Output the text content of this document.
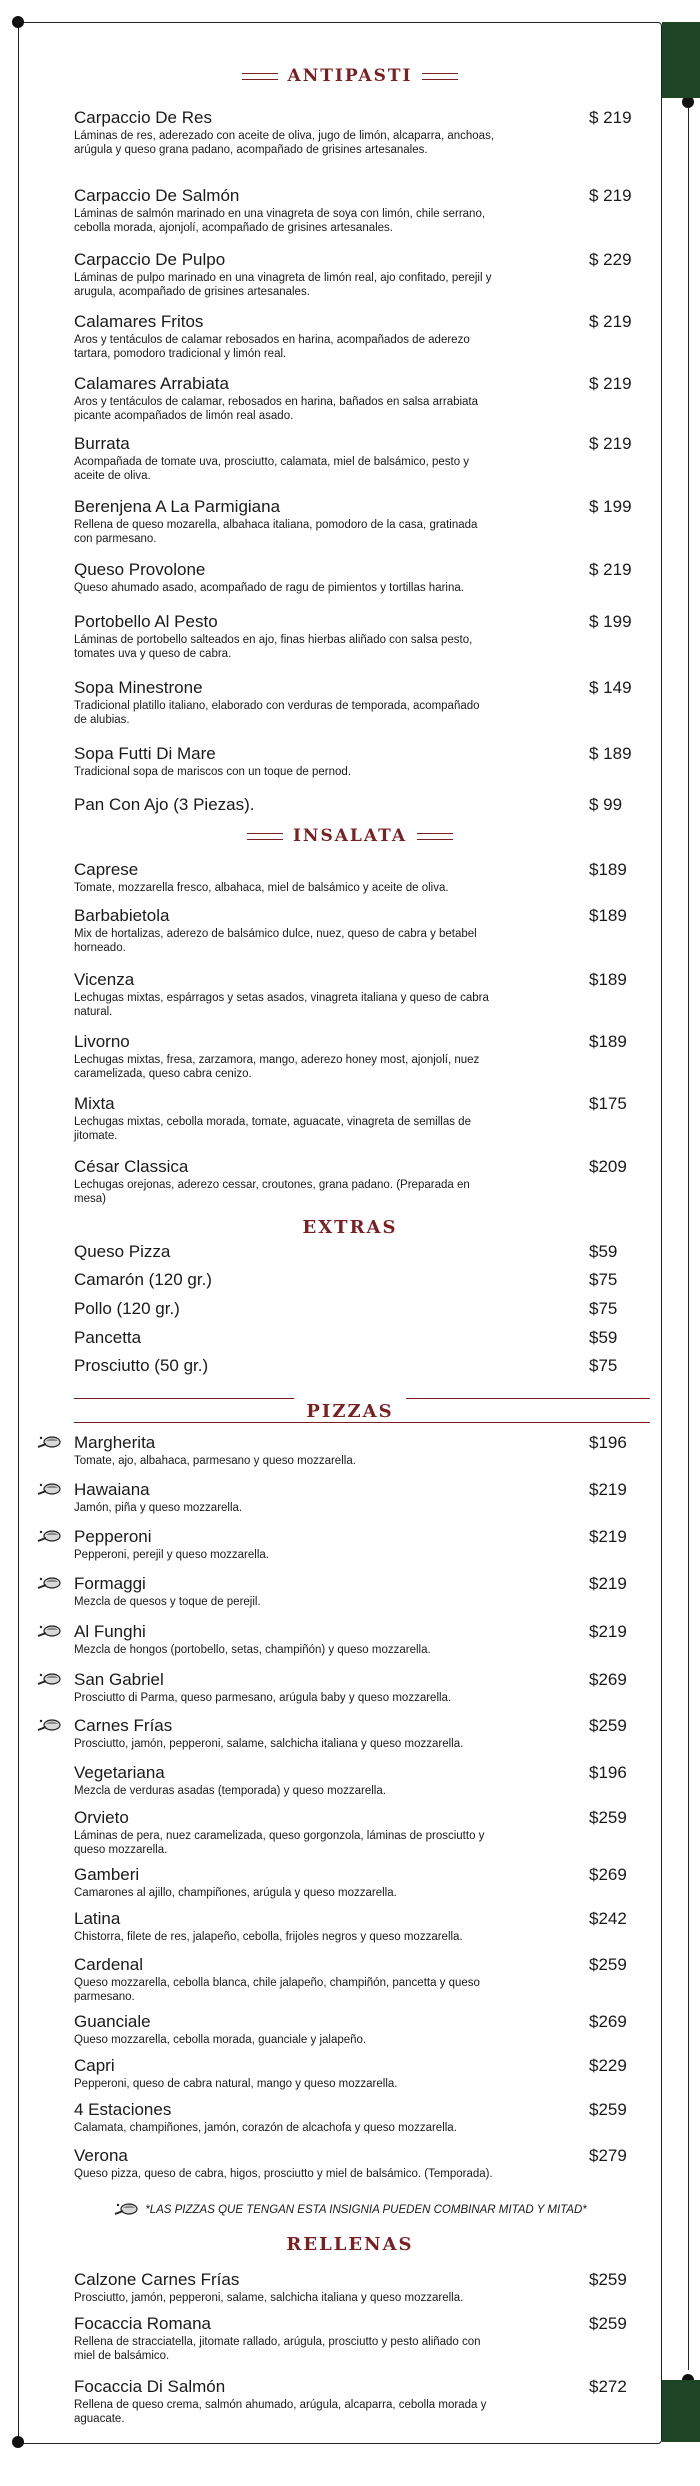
ANTIPASTI
Carpaccio De Res
Láminas de res, aderezado con aceite de oliva, jugo de limón, alcaparra, anchoas, arúgula y queso grana padano, acompañado de grisines artesanales.
$ 219
Carpaccio De Salmón
Láminas de salmón marinado en una vinagreta de soya con limón, chile serrano, cebolla morada, ajonjolí, acompañado de grisines artesanales.
$ 219
Carpaccio De Pulpo
Láminas de pulpo marinado en una vinagreta de limón real, ajo confitado, perejil y arugula, acompañado de grisines artesanales.
$ 229
Calamares Fritos
Aros y tentáculos de calamar rebosados en harina, acompañados de aderezo tartara, pomodoro tradicional y limón real.
$ 219
Calamares Arrabiata
Aros y tentáculos de calamar, rebosados en harina, bañados en salsa arrabiata picante acompañados de limón real asado.
$ 219
Burrata
Acompañada de tomate uva, prosciutto, calamata, miel de balsámico, pesto y aceite de oliva.
$ 219
Berenjena A La Parmigiana
Rellena de queso mozarella, albahaca italiana, pomodoro de la casa, gratinada con parmesano.
$ 199
Queso Provolone
Queso ahumado asado, acompañado de ragu de pimientos y tortillas harina.
$ 219
Portobello Al Pesto
Láminas de portobello salteados en ajo, finas hierbas aliñado con salsa pesto, tomates uva y queso de cabra.
$ 199
Sopa Minestrone
Tradicional platillo italiano, elaborado con verduras de temporada, acompañado de alubias.
$ 149
Sopa Futti Di Mare
Tradicional sopa de mariscos con un toque de pernod.
$ 189
Pan Con Ajo (3 Piezas).	$ 99
INSALATA
Caprese
Tomate, mozzarella fresco, albahaca, miel de balsámico y aceite de oliva.
$189
Barbabietola
Mix de hortalizas, aderezo de balsámico dulce, nuez, queso de cabra y betabel horneado.
$189
Vicenza
Lechugas mixtas, espárragos y setas asados, vinagreta italiana y queso de cabra natural.
$189
Livorno
Lechugas mixtas, fresa, zarzamora, mango, aderezo honey most, ajonjolí, nuez caramelizada, queso cabra cenizo.
$189
Mixta
Lechugas mixtas, cebolla morada, tomate, aguacate, vinagreta de semillas de jitomate.
$175
César Classica
Lechugas orejonas, aderezo cessar, croutones, grana padano. (Preparada en mesa)
$209
EXTRAS
Queso Pizza	$59
Camarón (120 gr.)	$75
Pollo (120 gr.)	$75
Pancetta	$59
Prosciutto (50 gr.)	$75
PIZZAS
Margherita
Tomate, ajo, albahaca, parmesano y queso mozzarella.
$196
Hawaiana
Jamón, piña y queso mozzarella.
$219
Pepperoni
Pepperoni, perejil y queso mozzarella.
$219
Formaggi
Mezcla de quesos y toque de perejil.
$219
Al Funghi
Mezcla de hongos (portobello, setas, champiñón) y queso mozzarella.
$219
San Gabriel
Prosciutto di Parma, queso parmesano, arúgula baby y queso mozzarella.
$269
Carnes Frías
Prosciutto, jamón, pepperoni, salame, salchicha italiana y queso mozzarella.
$259
Vegetariana
Mezcla de verduras asadas (temporada) y queso mozzarella.
$196
Orvieto
Láminas de pera, nuez caramelizada, queso gorgonzola, láminas de prosciutto y queso mozzarella.
$259
Gamberi
Camarones al ajillo, champiñones, arúgula y queso mozzarella.
$269
Latina
Chistorra, filete de res, jalapeño, cebolla, frijoles negros y queso mozzarella.
$242
Cardenal
Queso mozzarella, cebolla blanca, chile jalapeño, champiñón, pancetta y queso parmesano.
$259
Guanciale
Queso mozzarella, cebolla morada, guanciale y jalapeño.
$269
Capri
Pepperoni, queso de cabra natural, mango y queso mozzarella.
$229
4 Estaciones
Calamata, champiñones, jamón, corazón de alcachofa y queso mozzarella.
$259
Verona
Queso pizza, queso de cabra, higos, prosciutto y miel de balsámico. (Temporada).
$279
*LAS PIZZAS QUE TENGAN ESTA INSIGNIA PUEDEN COMBINAR MITAD Y MITAD*
RELLENAS
Calzone Carnes Frías
Prosciutto, jamón, pepperoni, salame, salchicha italiana y queso mozzarella.
$259
Focaccia Romana
Rellena de stracciatella, jitomate rallado, arúgula, prosciutto y pesto aliñado con miel de balsámico.
$259
Focaccia Di Salmón
Rellena de queso crema, salmón ahumado, arúgula, alcaparra, cebolla morada y aguacate.
$272
